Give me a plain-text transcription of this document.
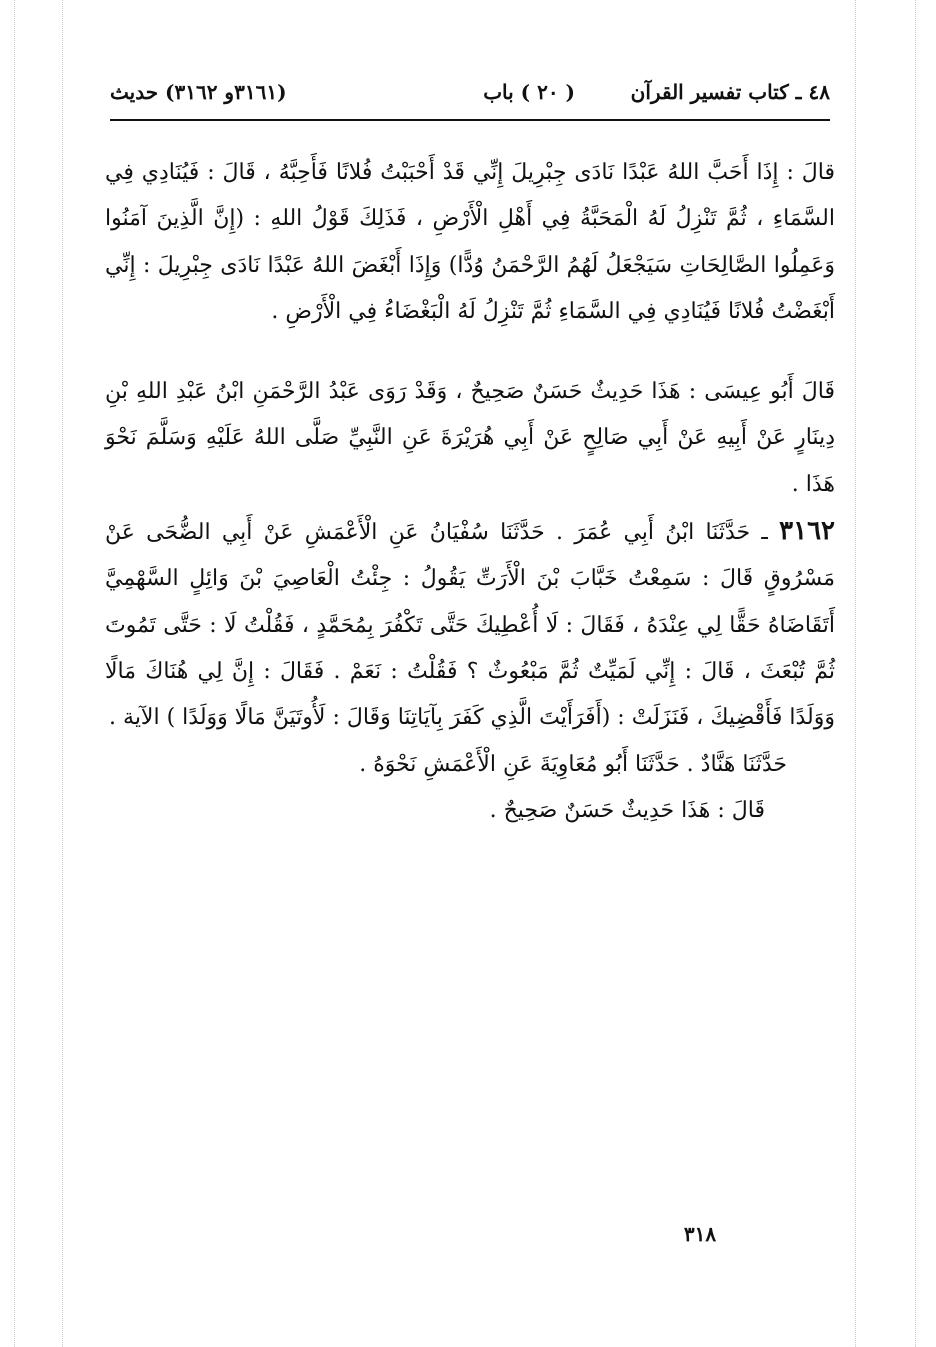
٤٨ ـ كتاب تفسير القرآن
( ٢٠ ) باب
(٣١٦١و ٣١٦٢) حديث

قالَ : إِذَا أَحَبَّ اللهُ عَبْدًا نَادَى جِبْرِيلَ إِنِّي قَدْ أَحْبَبْتُ فُلانًا فَأَحِبَّهُ ، قَالَ : فَيُنَادِي فِي السَّمَاءِ ، ثُمَّ تَنْزِلُ لَهُ الْمَحَبَّةُ فِي أَهْلِ الْأَرْضِ ، فَذَلِكَ قَوْلُ اللهِ : (إِنَّ الَّذِينَ آمَنُوا وَعَمِلُوا الصَّالِحَاتِ سَيَجْعَلُ لَهُمُ الرَّحْمَنُ وُدًّا) وَإِذَا أَبْغَضَ اللهُ عَبْدًا نَادَى جِبْرِيلَ : إِنِّي أَبْغَضْتُ فُلانًا فَيُنَادِي فِي السَّمَاءِ ثُمَّ تَنْزِلُ لَهُ الْبَغْضَاءُ فِي الْأَرْضِ .

قَالَ أَبُو عِيسَى : هَذَا حَدِيثٌ حَسَنٌ صَحِيحٌ ، وَقَدْ رَوَى عَبْدُ الرَّحْمَنِ ابْنُ عَبْدِ اللهِ بْنِ دِينَارٍ عَنْ أَبِيهِ عَنْ أَبِي صَالِحٍ عَنْ أَبِي هُرَيْرَةَ عَنِ النَّبِيِّ صَلَّى اللهُ عَلَيْهِ وَسَلَّمَ نَحْوَ هَذَا .

٣١٦٢ ـ حَدَّثَنَا ابْنُ أَبِي عُمَرَ . حَدَّثَنَا سُفْيَانُ عَنِ الْأَعْمَشِ عَنْ أَبِي الضُّحَى عَنْ مَسْرُوقٍ قَالَ : سَمِعْتُ خَبَّابَ بْنَ الْأَرَتِّ يَقُولُ : جِئْتُ الْعَاصِيَ بْنَ وَائِلٍ السَّهْمِيَّ أَتَقَاضَاهُ حَقًّا لِي عِنْدَهُ ، فَقَالَ : لَا أُعْطِيكَ حَتَّى تَكْفُرَ بِمُحَمَّدٍ ، فَقُلْتُ لَا : حَتَّى تَمُوتَ ثُمَّ تُبْعَثَ ، قَالَ : إِنِّي لَمَيِّتٌ ثُمَّ مَبْعُوثٌ ؟ فَقُلْتُ : نَعَمْ . فَقَالَ : إِنَّ لِي هُنَاكَ مَالًا وَوَلَدًا فَأَقْضِيكَ ، فَنَزَلَتْ : (أَفَرَأَيْتَ الَّذِي كَفَرَ بِآيَاتِنَا وَقَالَ : لَأُوتَيَنَّ مَالًا وَوَلَدًا ) الآية .

حَدَّثَنَا هَنَّادٌ . حَدَّثَنَا أَبُو مُعَاوِيَةَ عَنِ الْأَعْمَشِ نَحْوَهُ .

قَالَ : هَذَا حَدِيثٌ حَسَنٌ صَحِيحٌ .

٣١٨
